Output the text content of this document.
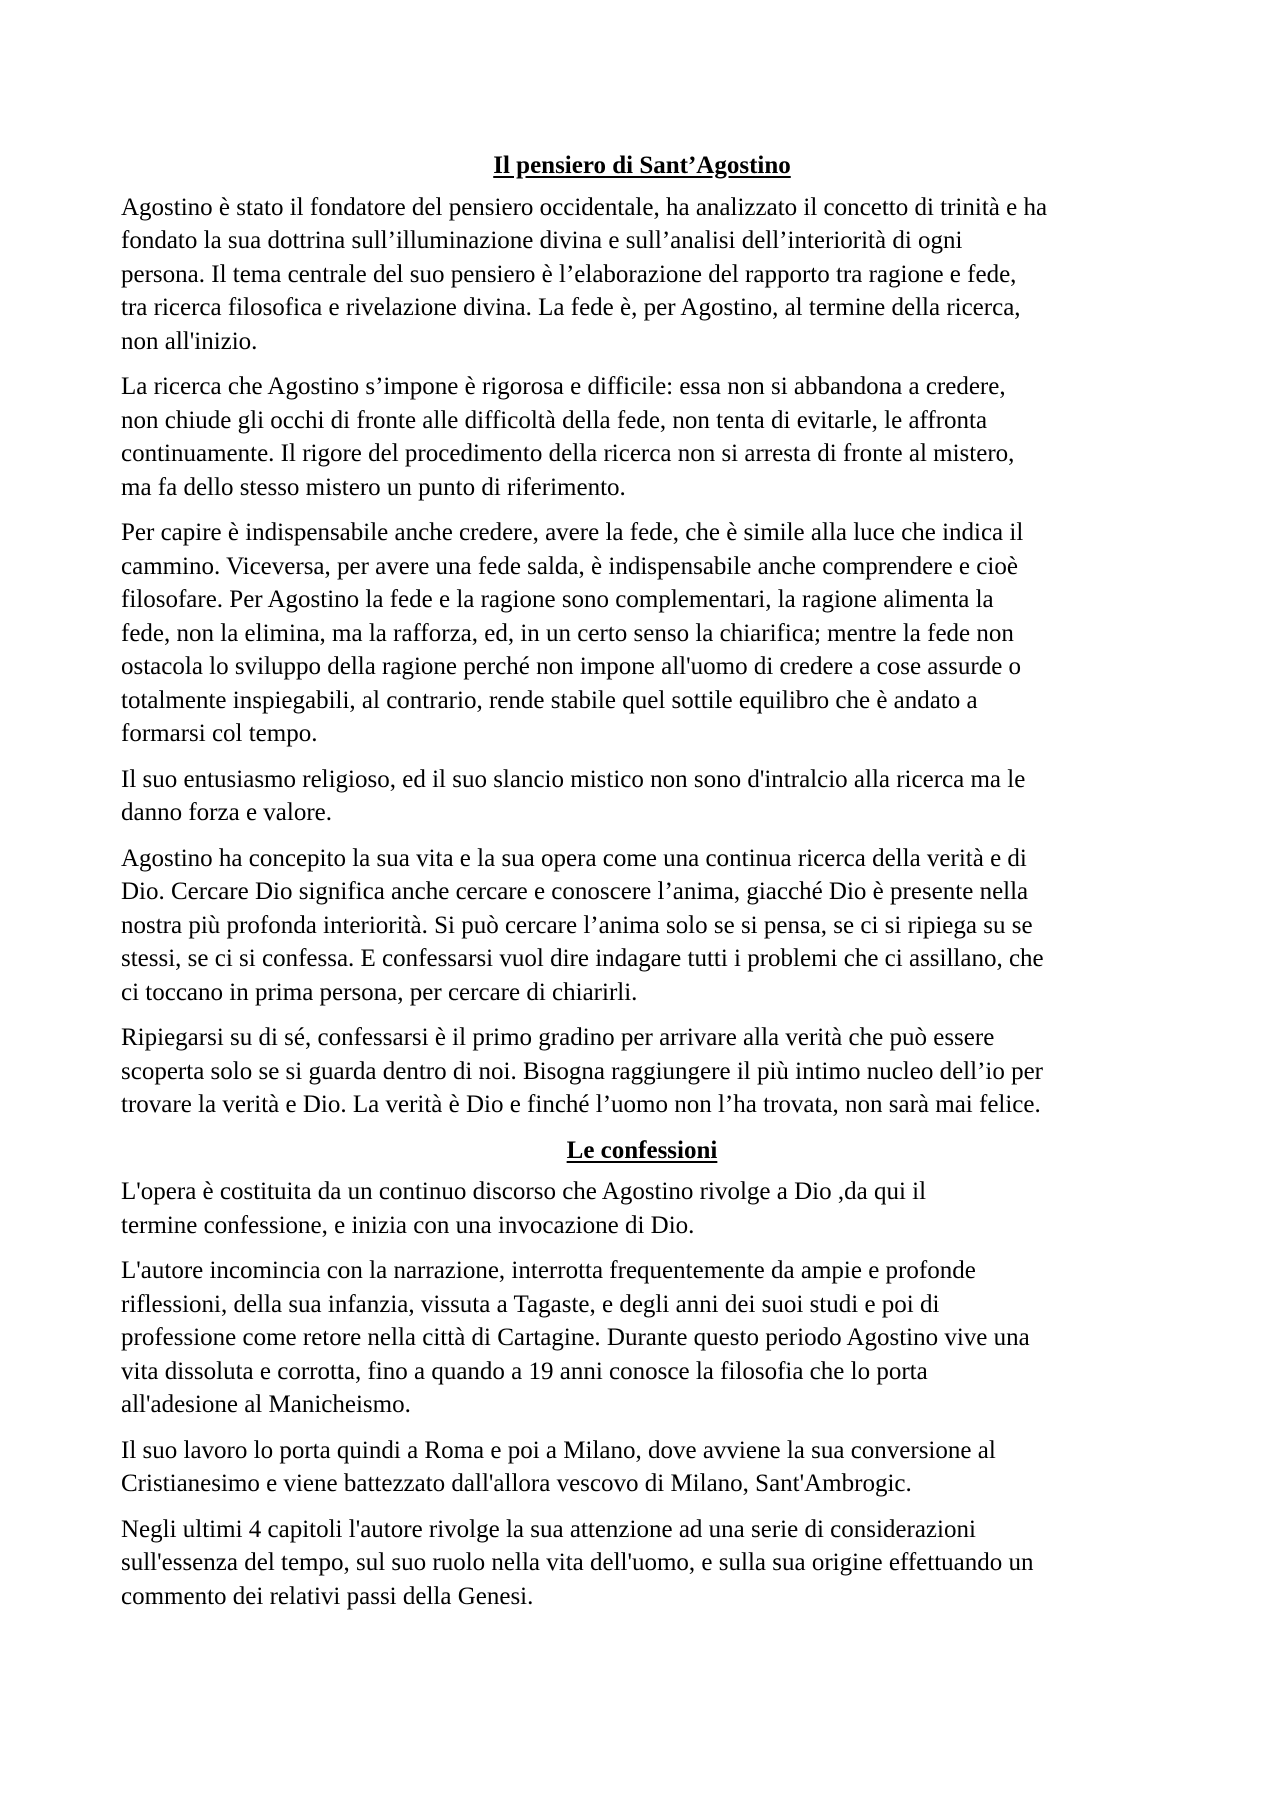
Il pensiero di Sant’Agostino

Agostino è stato il fondatore del pensiero occidentale, ha analizzato il concetto di trinità e ha
fondato la sua dottrina sull’illuminazione divina e sull’analisi dell’interiorità di ogni
persona. Il tema centrale del suo pensiero è l’elaborazione del rapporto tra ragione e fede,
tra ricerca filosofica e rivelazione divina. La fede è, per Agostino, al termine della ricerca,
non all'inizio.

La ricerca che Agostino s’impone è rigorosa e difficile: essa non si abbandona a credere,
non chiude gli occhi di fronte alle difficoltà della fede, non tenta di evitarle, le affronta
continuamente. Il rigore del procedimento della ricerca non si arresta di fronte al mistero,
ma fa dello stesso mistero un punto di riferimento.

Per capire è indispensabile anche credere, avere la fede, che è simile alla luce che indica il
cammino. Viceversa, per avere una fede salda, è indispensabile anche comprendere e cioè
filosofare. Per Agostino la fede e la ragione sono complementari, la ragione alimenta la
fede, non la elimina, ma la rafforza, ed, in un certo senso la chiarifica; mentre la fede non
ostacola lo sviluppo della ragione perché non impone all'uomo di credere a cose assurde o
totalmente inspiegabili, al contrario, rende stabile quel sottile equilibro che è andato a
formarsi col tempo.

Il suo entusiasmo religioso, ed il suo slancio mistico non sono d'intralcio alla ricerca ma le
danno forza e valore.

Agostino ha concepito la sua vita e la sua opera come una continua ricerca della verità e di
Dio. Cercare Dio significa anche cercare e conoscere l’anima, giacché Dio è presente nella
nostra più profonda interiorità. Si può cercare l’anima solo se si pensa, se ci si ripiega su se
stessi, se ci si confessa. E confessarsi vuol dire indagare tutti i problemi che ci assillano, che
ci toccano in prima persona, per cercare di chiarirli.

Ripiegarsi su di sé, confessarsi è il primo gradino per arrivare alla verità che può essere
scoperta solo se si guarda dentro di noi. Bisogna raggiungere il più intimo nucleo dell’io per
trovare la verità e Dio. La verità è Dio e finché l’uomo non l’ha trovata, non sarà mai felice.

Le confessioni

L'opera è costituita da un continuo discorso che Agostino rivolge a Dio ,da qui il
termine confessione, e inizia con una invocazione di Dio.

L'autore incomincia con la narrazione, interrotta frequentemente da ampie e profonde
riflessioni, della sua infanzia, vissuta a Tagaste, e degli anni dei suoi studi e poi di
professione come retore nella città di Cartagine. Durante questo periodo Agostino vive una
vita dissoluta e corrotta, fino a quando a 19 anni conosce la filosofia che lo porta
all'adesione al Manicheismo.

Il suo lavoro lo porta quindi a Roma e poi a Milano, dove avviene la sua conversione al
Cristianesimo e viene battezzato dall'allora vescovo di Milano, Sant'Ambrogic.

Negli ultimi 4 capitoli l'autore rivolge la sua attenzione ad una serie di considerazioni
sull'essenza del tempo, sul suo ruolo nella vita dell'uomo, e sulla sua origine effettuando un
commento dei relativi passi della Genesi.
